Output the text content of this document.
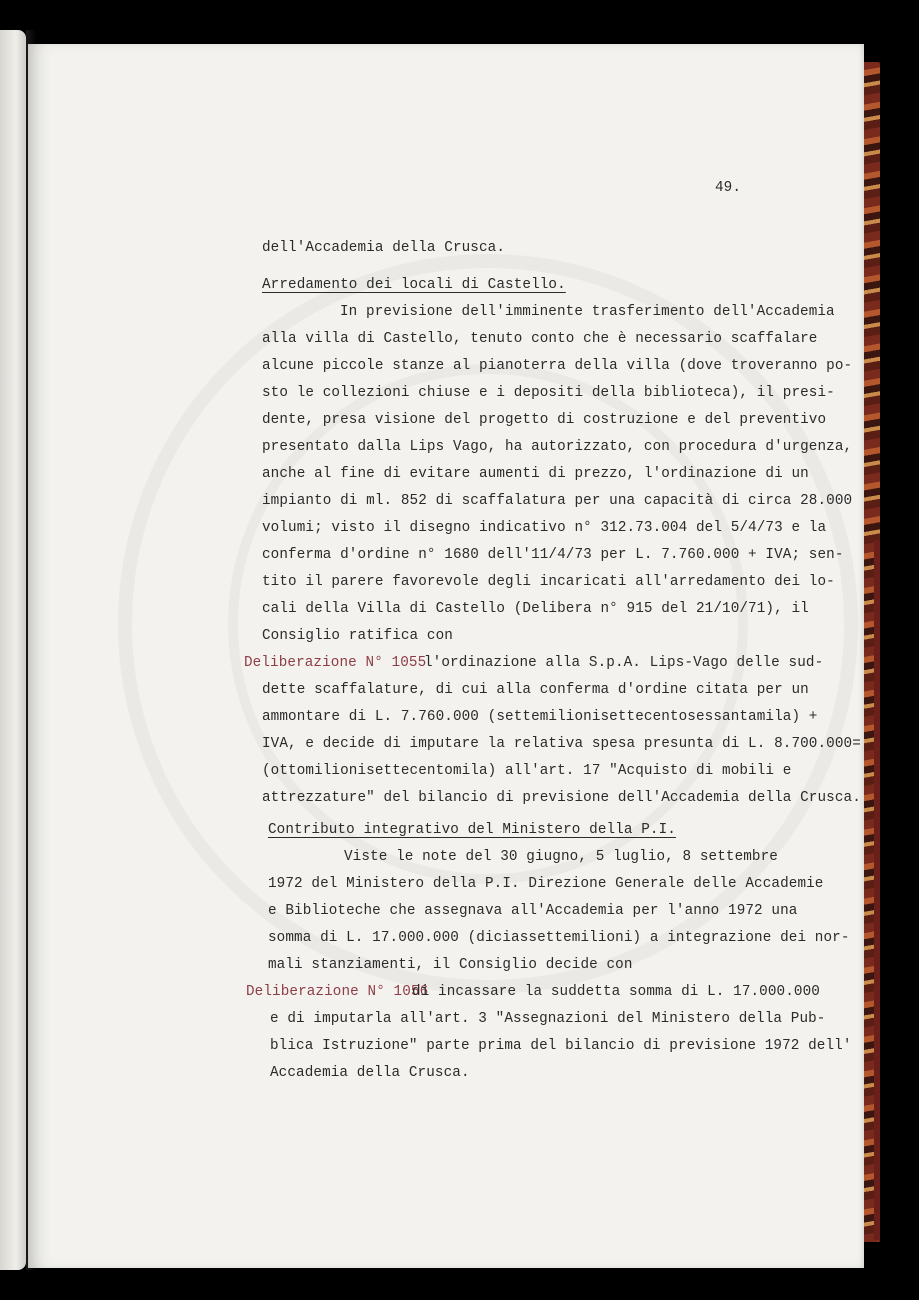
49.
dell'Accademia della Crusca.
Arredamento dei locali di Castello.
In previsione dell'imminente trasferimento dell'Accademia
alla villa di Castello, tenuto conto che è necessario scaffalare
alcune piccole stanze al pianoterra della villa (dove troveranno po-
sto le collezioni chiuse e i depositi della biblioteca), il presi-
dente, presa visione del progetto di costruzione e del preventivo
presentato dalla Lips Vago, ha autorizzato, con procedura d'urgenza,
anche al fine di evitare aumenti di prezzo, l'ordinazione di un
impianto di ml. 852 di scaffalatura per una capacità di circa 28.000
volumi; visto il disegno indicativo n° 312.73.004 del 5/4/73 e la
conferma d'ordine n° 1680 dell'11/4/73 per L. 7.760.000 + IVA; sen-
tito il parere favorevole degli incaricati all'arredamento dei lo-
cali della Villa di Castello (Delibera n° 915 del 21/10/71), il
Consiglio ratifica con
Deliberazione N° 1055
l'ordinazione alla S.p.A. Lips-Vago delle sud-
dette scaffalature, di cui alla conferma d'ordine citata per un
ammontare di L. 7.760.000 (settemilionisettecentosessantamila) +
IVA, e decide di imputare la relativa spesa presunta di L. 8.700.000=
(ottomilionisettecentomila) all'art. 17 "Acquisto di mobili e
attrezzature" del bilancio di previsione dell'Accademia della Crusca.
Contributo integrativo del Ministero della P.I.
Viste le note del 30 giugno, 5 luglio, 8 settembre
1972 del Ministero della P.I. Direzione Generale delle Accademie
e Biblioteche che assegnava all'Accademia per l'anno 1972 una
somma di L. 17.000.000 (diciassettemilioni) a integrazione dei nor-
mali stanziamenti, il Consiglio decide con
Deliberazione N° 1056
di incassare la suddetta somma di L. 17.000.000
e di imputarla all'art. 3 "Assegnazioni del Ministero della Pub-
blica Istruzione" parte prima del bilancio di previsione 1972 dell'
Accademia della Crusca.
